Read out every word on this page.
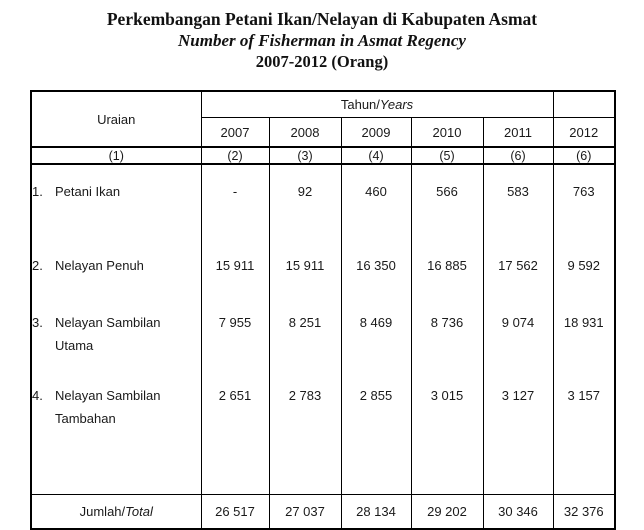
Perkembangan Petani Ikan/Nelayan di Kabupaten Asmat
Number of Fisherman in Asmat Regency
2007-2012 (Orang)
Uraian	Tahun/Years					
	2007	2008	2009	2010	2011	2012
(1)	(2)	(3)	(4)	(5)	(6)	(6)

1. Petani Ikan	-	92	460	566	583	763

2. Nelayan Penuh	15 911	15 911	16 350	16 885	17 562	9 592

3. Nelayan Sambilan
Utama	7 955	8 251	8 469	8 736	9 074	18 931

4. Nelayan Sambilan
Tambahan	2 651	2 783	2 855	3 015	3 127	3 157

Jumlah/Total	26 517	27 037	28 134	29 202	30 346	32 376
